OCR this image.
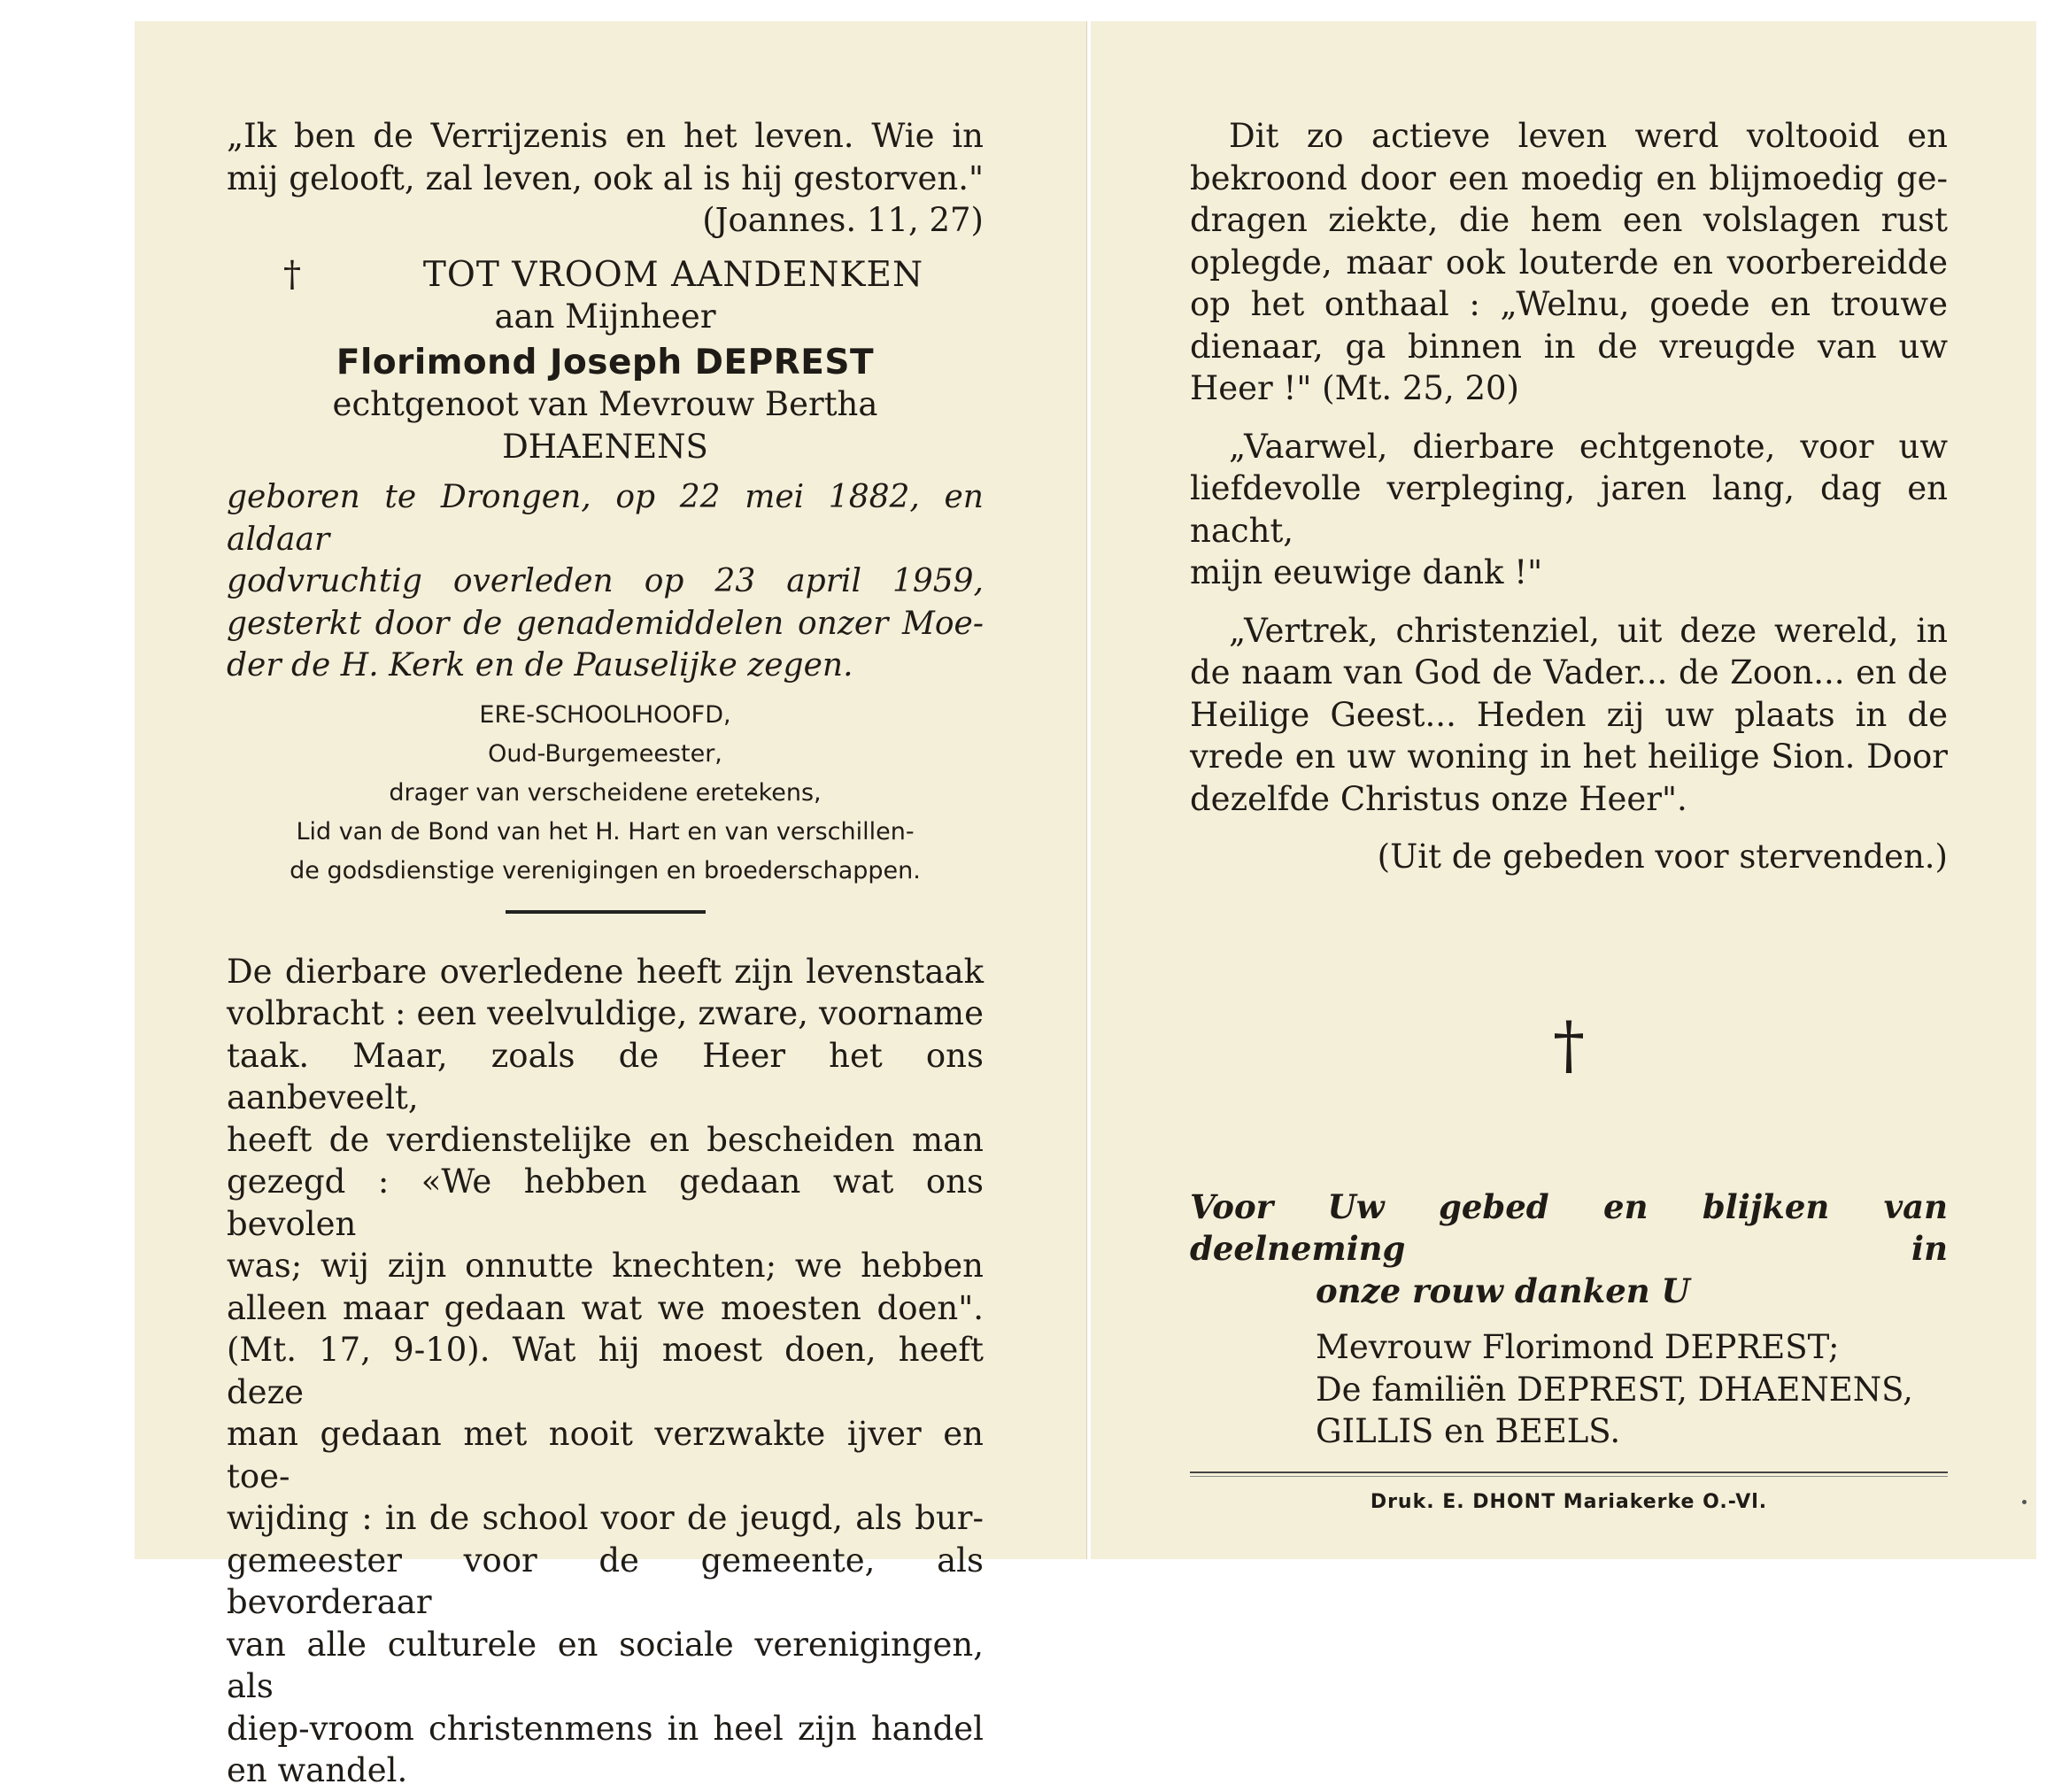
„Ik ben de Verrijzenis en het leven. Wie in
mij gelooft, zal leven, ook al is hij gestorven."
(Joannes. 11, 27)
†	TOT VROOM AANDENKEN
aan Mijnheer
Florimond Joseph DEPREST
echtgenoot van Mevrouw Bertha DHAENENS
geboren te Drongen, op 22 mei 1882, en aldaar
godvruchtig overleden op 23 april 1959,
gesterkt door de genademiddelen onzer Moe-
der de H. Kerk en de Pauselijke zegen.
ERE-SCHOOLHOOFD,
Oud-Burgemeester,
drager van verscheidene eretekens,
Lid van de Bond van het H. Hart en van verschillen-
de godsdienstige verenigingen en broederschappen.
De dierbare overledene heeft zijn levenstaak
volbracht : een veelvuldige, zware, voorname
taak. Maar, zoals de Heer het ons aanbeveelt,
heeft de verdienstelijke en bescheiden man
gezegd : «We hebben gedaan wat ons bevolen
was; wij zijn onnutte knechten; we hebben
alleen maar gedaan wat we moesten doen".
(Mt. 17, 9-10). Wat hij moest doen, heeft deze
man gedaan met nooit verzwakte ijver en toe-
wijding : in de school voor de jeugd, als bur-
gemeester voor de gemeente, als bevorderaar
van alle culturele en sociale verenigingen, als
diep-vroom christenmens in heel zijn handel
en wandel.
Dit zo actieve leven werd voltooid en
bekroond door een moedig en blijmoedig ge-
dragen ziekte, die hem een volslagen rust
oplegde, maar ook louterde en voorbereidde
op het onthaal : „Welnu, goede en trouwe
dienaar, ga binnen in de vreugde van uw
Heer !" (Mt. 25, 20)
„Vaarwel, dierbare echtgenote, voor uw
liefdevolle verpleging, jaren lang, dag en nacht,
mijn eeuwige dank !"
„Vertrek, christenziel, uit deze wereld, in
de naam van God de Vader... de Zoon... en de
Heilige Geest... Heden zij uw plaats in de
vrede en uw woning in het heilige Sion. Door
dezelfde Christus onze Heer".
(Uit de gebeden voor stervenden.)
†
Voor Uw gebed en blijken van deelneming in
onze rouw danken U
Mevrouw Florimond DEPREST;
De familiën DEPREST, DHAENENS,
GILLIS en BEELS.
Druk. E. DHONT Mariakerke O.-Vl.
